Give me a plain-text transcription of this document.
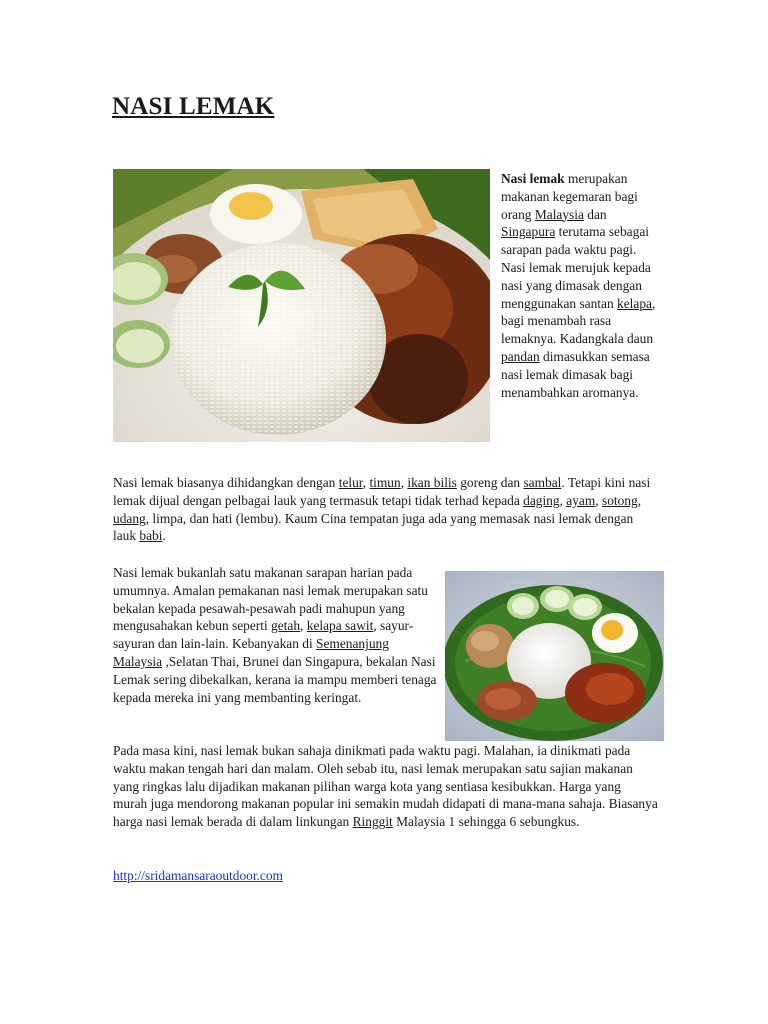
NASI LEMAK
Nasi lemak merupakan makanan kegemaran bagi orang Malaysia dan Singapura terutama sebagai sarapan pada waktu pagi. Nasi lemak merujuk kepada nasi yang dimasak dengan menggunakan santan kelapa, bagi menambah rasa lemaknya. Kadangkala daun pandan dimasukkan semasa nasi lemak dimasak bagi menambahkan aromanya.
Nasi lemak biasanya dihidangkan dengan telur, timun, ikan bilis goreng dan sambal. Tetapi kini nasi lemak dijual dengan pelbagai lauk yang termasuk tetapi tidak terhad kepada daging, ayam, sotong, udang, limpa, dan hati (lembu). Kaum Cina tempatan juga ada yang memasak nasi lemak dengan lauk babi.
Nasi lemak bukanlah satu makanan sarapan harian pada umumnya. Amalan pemakanan nasi lemak merupakan satu bekalan kepada pesawah-pesawah padi mahupun yang mengusahakan kebun seperti getah, kelapa sawit, sayur-sayuran dan lain-lain. Kebanyakan di Semenanjung Malaysia ,Selatan Thai, Brunei dan Singapura, bekalan Nasi Lemak sering dibekalkan, kerana ia mampu memberi tenaga kepada mereka ini yang membanting keringat.
Pada masa kini, nasi lemak bukan sahaja dinikmati pada waktu pagi. Malahan, ia dinikmati pada waktu makan tengah hari dan malam. Oleh sebab itu, nasi lemak merupakan satu sajian makanan yang ringkas lalu dijadikan makanan pilihan warga kota yang sentiasa kesibukkan. Harga yang murah juga mendorong makanan popular ini semakin mudah didapati di mana-mana sahaja. Biasanya harga nasi lemak berada di dalam linkungan Ringgit Malaysia 1 sehingga 6 sebungkus.
http://sridamansaraoutdoor.com
